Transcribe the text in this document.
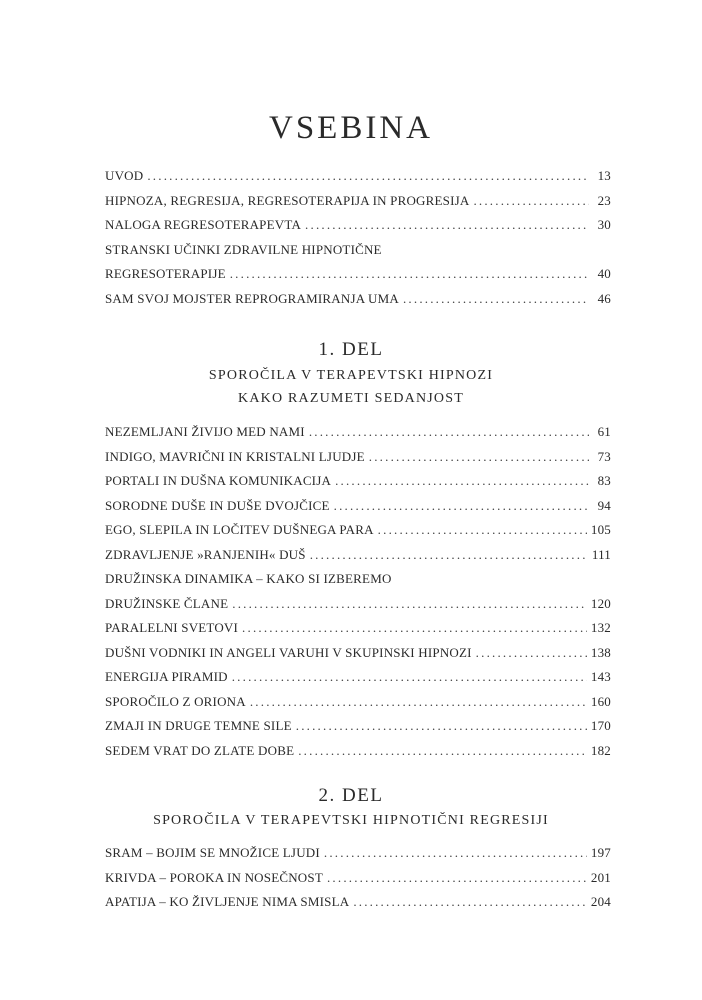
VSEBINA
UVOD .....	13
HIPNOZA, REGRESIJA, REGRESOTERAPIJA IN PROGRESIJA .....	23
NALOGA REGRESOTERAPEVTA .....	30
STRANSKI UČINKI ZDRAVILNE HIPNOTIČNE
REGRESOTERAPIJE .....	40
SAM SVOJ MOJSTER REPROGRAMIRANJA UMA .....	46
1. DEL
SPOROČILA V TERAPEVTSKI HIPNOZI
KAKO RAZUMETI SEDANJOST
NEZEMLJANI ŽIVIJO MED NAMI .....	61
INDIGO, MAVRIČNI IN KRISTALNI LJUDJE .....	73
PORTALI IN DUŠNA KOMUNIKACIJA .....	83
SORODNE DUŠE IN DUŠE DVOJČICE .....	94
EGO, SLEPILA IN LOČITEV DUŠNEGA PARA .....	105
ZDRAVLJENJE »RANJENIH« DUŠ .....	111
DRUŽINSKA DINAMIKA – KAKO SI IZBEREMO
DRUŽINSKE ČLANE .....	120
PARALELNI SVETOVI .....	132
DUŠNI VODNIKI IN ANGELI VARUHI V SKUPINSKI HIPNOZI .....	138
ENERGIJA PIRAMID .....	143
SPOROČILO Z ORIONA .....	160
ZMAJI IN DRUGE TEMNE SILE .....	170
SEDEM VRAT DO ZLATE DOBE .....	182
2. DEL
SPOROČILA V TERAPEVTSKI HIPNOTIČNI REGRESIJI
SRAM – BOJIM SE MNOŽICE LJUDI .....	197
KRIVDA – POROKA IN NOSEČNOST .....	201
APATIJA – KO ŽIVLJENJE NIMA SMISLA .....	204
